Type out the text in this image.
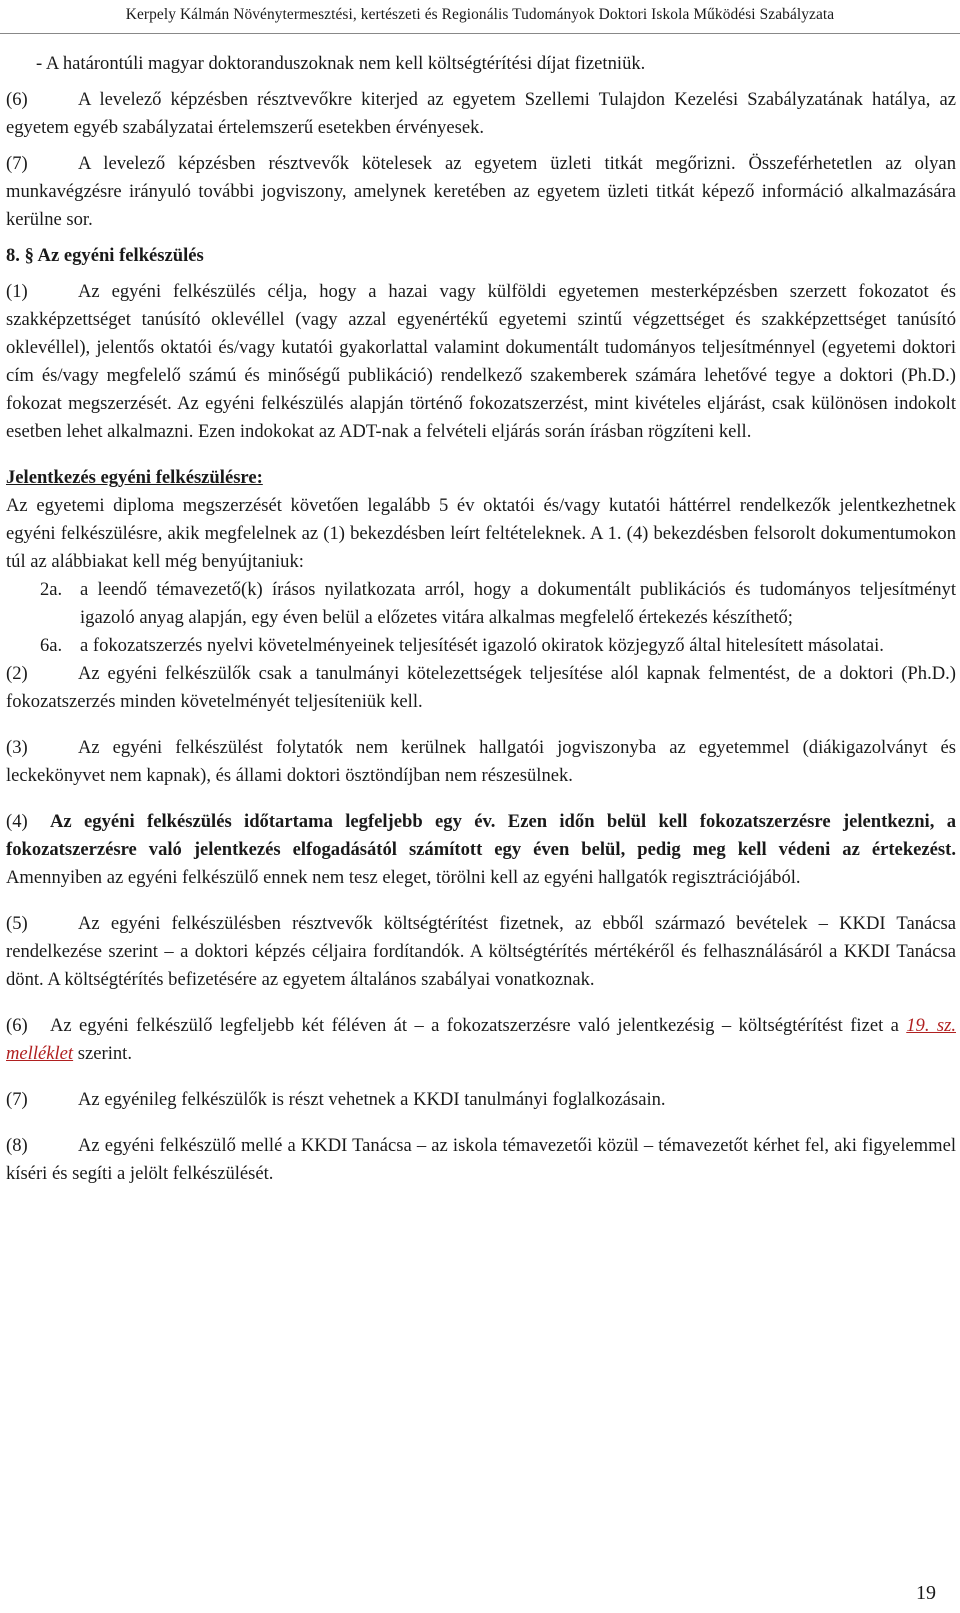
Kerpely Kálmán Növénytermesztési, kertészeti és Regionális Tudományok Doktori Iskola Működési Szabályzata

- A határontúli magyar doktoranduszoknak nem kell költségtérítési díjat fizetniük.

(6)	A levelező képzésben résztvevőkre kiterjed az egyetem Szellemi Tulajdon Kezelési Szabályzatának hatálya, az egyetem egyéb szabályzatai értelemszerű esetekben érvényesek.

(7)	A levelező képzésben résztvevők kötelesek az egyetem üzleti titkát megőrizni. Összeférhetetlen az olyan munkavégzésre irányuló további jogviszony, amelynek keretében az egyetem üzleti titkát képező információ alkalmazására kerülne sor.

8. § Az egyéni felkészülés

(1)	Az egyéni felkészülés célja, hogy a hazai vagy külföldi egyetemen mesterképzésben szerzett fokozatot és szakképzettséget tanúsító oklevéllel (vagy azzal egyenértékű egyetemi szintű végzettséget és szakképzettséget tanúsító oklevéllel), jelentős oktatói és/vagy kutatói gyakorlattal valamint dokumentált tudományos teljesítménnyel (egyetemi doktori cím és/vagy megfelelő számú és minőségű publikáció) rendelkező szakemberek számára lehetővé tegye a doktori (Ph.D.) fokozat megszerzését. Az egyéni felkészülés alapján történő fokozatszerzést, mint kivételes eljárást, csak különösen indokolt esetben lehet alkalmazni. Ezen indokokat az ADT-nak a felvételi eljárás során írásban rögzíteni kell.

Jelentkezés egyéni felkészülésre:

Az egyetemi diploma megszerzését követően legalább 5 év oktatói és/vagy kutatói háttérrel rendelkezők jelentkezhetnek egyéni felkészülésre, akik megfelelnek az (1) bekezdésben leírt feltételeknek. A 1. (4) bekezdésben felsorolt dokumentumokon túl az alábbiakat kell még benyújtaniuk:

2a. a leendő témavezető(k) írásos nyilatkozata arról, hogy a dokumentált publikációs és tudományos teljesítményt igazoló anyag alapján, egy éven belül a előzetes vitára alkalmas megfelelő értekezés készíthető;
6a. a fokozatszerzés nyelvi követelményeinek teljesítését igazoló okiratok közjegyző által hitelesített másolatai.

(2)	Az egyéni felkészülők csak a tanulmányi kötelezettségek teljesítése alól kapnak felmentést, de a doktori (Ph.D.) fokozatszerzés minden követelményét teljesíteniük kell.

(3)	Az egyéni felkészülést folytatók nem kerülnek hallgatói jogviszonyba az egyetemmel (diákigazolványt és leckekönyvet nem kapnak), és állami doktori ösztöndíjban nem részesülnek.

(4) Az egyéni felkészülés időtartama legfeljebb egy év. Ezen időn belül kell fokozatszerzésre jelentkezni, a fokozatszerzésre való jelentkezés elfogadásától számított egy éven belül, pedig meg kell védeni az értekezést. Amennyiben az egyéni felkészülő ennek nem tesz eleget, törölni kell az egyéni hallgatók regisztrációjából.

(5)	Az egyéni felkészülésben résztvevők költségtérítést fizetnek, az ebből származó bevételek – KKDI Tanácsa rendelkezése szerint – a doktori képzés céljaira fordítandók. A költségtérítés mértékéről és felhasználásáról a KKDI Tanácsa dönt. A költségtérítés befizetésére az egyetem általános szabályai vonatkoznak.

(6) Az egyéni felkészülő legfeljebb két féléven át – a fokozatszerzésre való jelentkezésig – költségtérítést fizet a 19. sz. melléklet szerint.

(7)	Az egyénileg felkészülők is részt vehetnek a KKDI tanulmányi foglalkozásain.

(8)	Az egyéni felkészülő mellé a KKDI Tanácsa – az iskola témavezetői közül – témavezetőt kérhet fel, aki figyelemmel kíséri és segíti a jelölt felkészülését.

19
